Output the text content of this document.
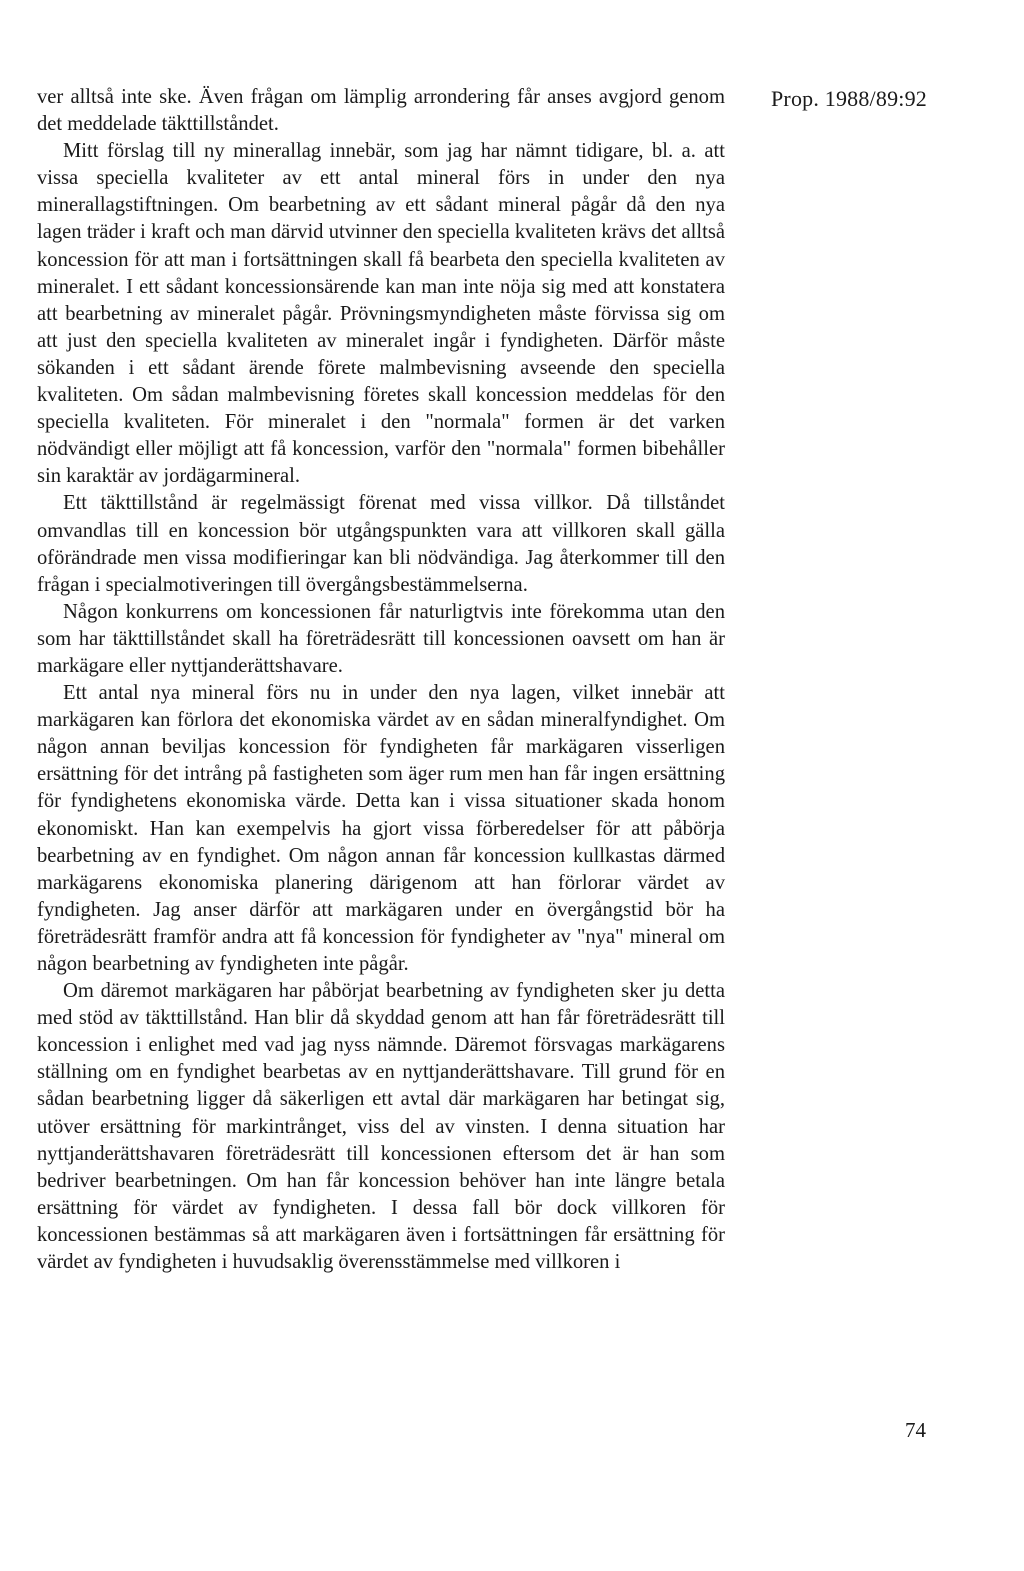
Prop. 1988/89:92

ver alltså inte ske. Även frågan om lämplig arrondering får anses avgjord genom det meddelade täkttillståndet.

Mitt förslag till ny minerallag innebär, som jag har nämnt tidigare, bl. a. att vissa speciella kvaliteter av ett antal mineral förs in under den nya minerallagstiftningen. Om bearbetning av ett sådant mineral pågår då den nya lagen träder i kraft och man därvid utvinner den speciella kvaliteten krävs det alltså koncession för att man i fortsättningen skall få bearbeta den speciella kvaliteten av mineralet. I ett sådant koncessionsärende kan man inte nöja sig med att konstatera att bearbetning av mineralet pågår. Prövningsmyndigheten måste förvissa sig om att just den speciella kvaliteten av mineralet ingår i fyndigheten. Därför måste sökanden i ett sådant ärende förete malmbevisning avseende den speciella kvaliteten. Om sådan malmbevisning företes skall koncession meddelas för den speciella kvaliteten. För mineralet i den "normala" formen är det varken nödvändigt eller möjligt att få koncession, varför den "normala" formen bibehåller sin karaktär av jordägarmineral.

Ett täkttillstånd är regelmässigt förenat med vissa villkor. Då tillståndet omvandlas till en koncession bör utgångspunkten vara att villkoren skall gälla oförändrade men vissa modifieringar kan bli nödvändiga. Jag återkommer till den frågan i specialmotiveringen till övergångsbestämmelserna.

Någon konkurrens om koncessionen får naturligtvis inte förekomma utan den som har täkttillståndet skall ha företrädesrätt till koncessionen oavsett om han är markägare eller nyttjanderättshavare.

Ett antal nya mineral förs nu in under den nya lagen, vilket innebär att markägaren kan förlora det ekonomiska värdet av en sådan mineralfyndighet. Om någon annan beviljas koncession för fyndigheten får markägaren visserligen ersättning för det intrång på fastigheten som äger rum men han får ingen ersättning för fyndighetens ekonomiska värde. Detta kan i vissa situationer skada honom ekonomiskt. Han kan exempelvis ha gjort vissa förberedelser för att påbörja bearbetning av en fyndighet. Om någon annan får koncession kullkastas därmed markägarens ekonomiska planering därigenom att han förlorar värdet av fyndigheten. Jag anser därför att markägaren under en övergångstid bör ha företrädesrätt framför andra att få koncession för fyndigheter av "nya" mineral om någon bearbetning av fyndigheten inte pågår.

Om däremot markägaren har påbörjat bearbetning av fyndigheten sker ju detta med stöd av täkttillstånd. Han blir då skyddad genom att han får företrädesrätt till koncession i enlighet med vad jag nyss nämnde. Däremot försvagas markägarens ställning om en fyndighet bearbetas av en nyttjanderättshavare. Till grund för en sådan bearbetning ligger då säkerligen ett avtal där markägaren har betingat sig, utöver ersättning för markintrånget, viss del av vinsten. I denna situation har nyttjanderättshavaren företrädesrätt till koncessionen eftersom det är han som bedriver bearbetningen. Om han får koncession behöver han inte längre betala ersättning för värdet av fyndigheten. I dessa fall bör dock villkoren för koncessionen bestämmas så att markägaren även i fortsättningen får ersättning för värdet av fyndigheten i huvudsaklig överensstämmelse med villkoren i

74
